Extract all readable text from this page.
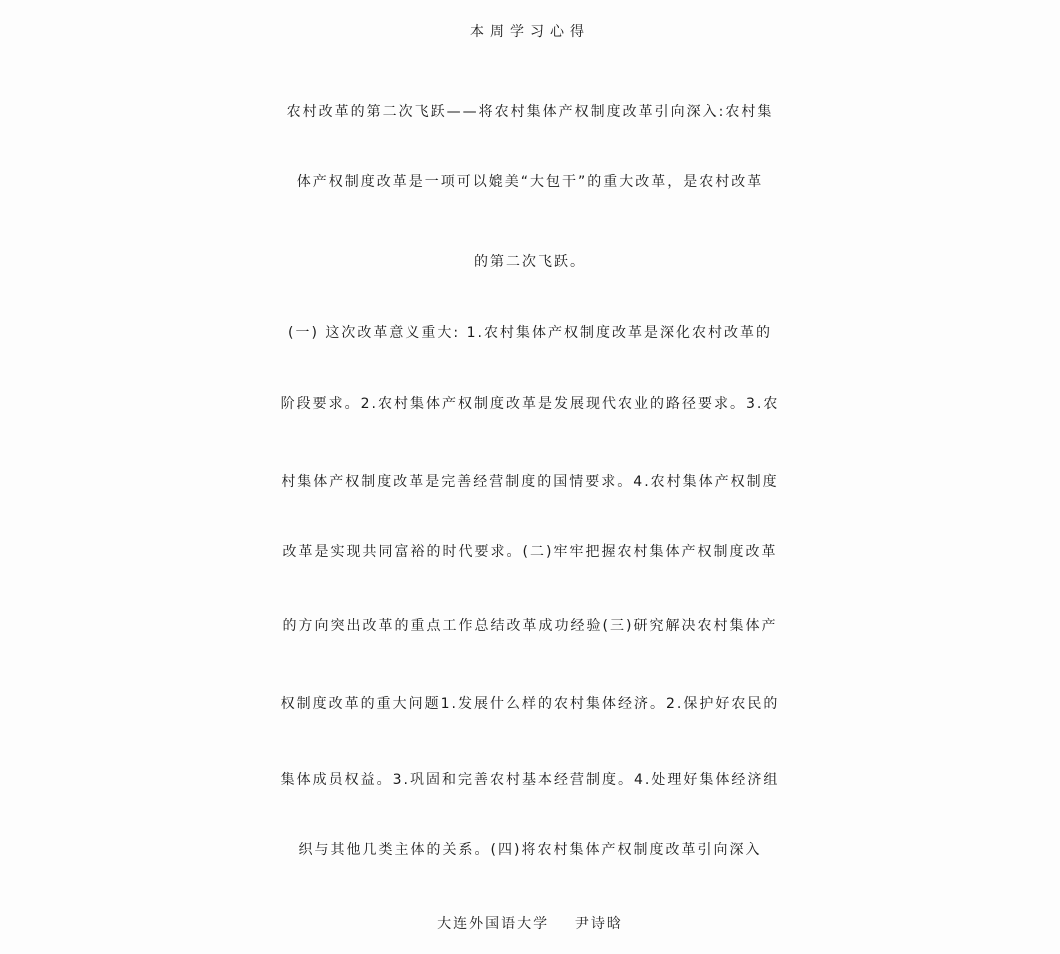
本周学习心得
农村改革的第二次飞跃——将农村集体产权制度改革引向深入:农村集
体产权制度改革是一项可以媲美“大包干”的重大改革，是农村改革
的第二次飞跃。
(一) 这次改革意义重大: 1.农村集体产权制度改革是深化农村改革的
阶段要求。2.农村集体产权制度改革是发展现代农业的路径要求。3.农
村集体产权制度改革是完善经营制度的国情要求。4.农村集体产权制度
改革是实现共同富裕的时代要求。(二)牢牢把握农村集体产权制度改革
的方向突出改革的重点工作总结改革成功经验(三)研究解决农村集体产
权制度改革的重大问题1.发展什么样的农村集体经济。2.保护好农民的
集体成员权益。3.巩固和完善农村基本经营制度。4.处理好集体经济组
织与其他几类主体的关系。(四)将农村集体产权制度改革引向深入
大连外国语大学    尹诗晗
